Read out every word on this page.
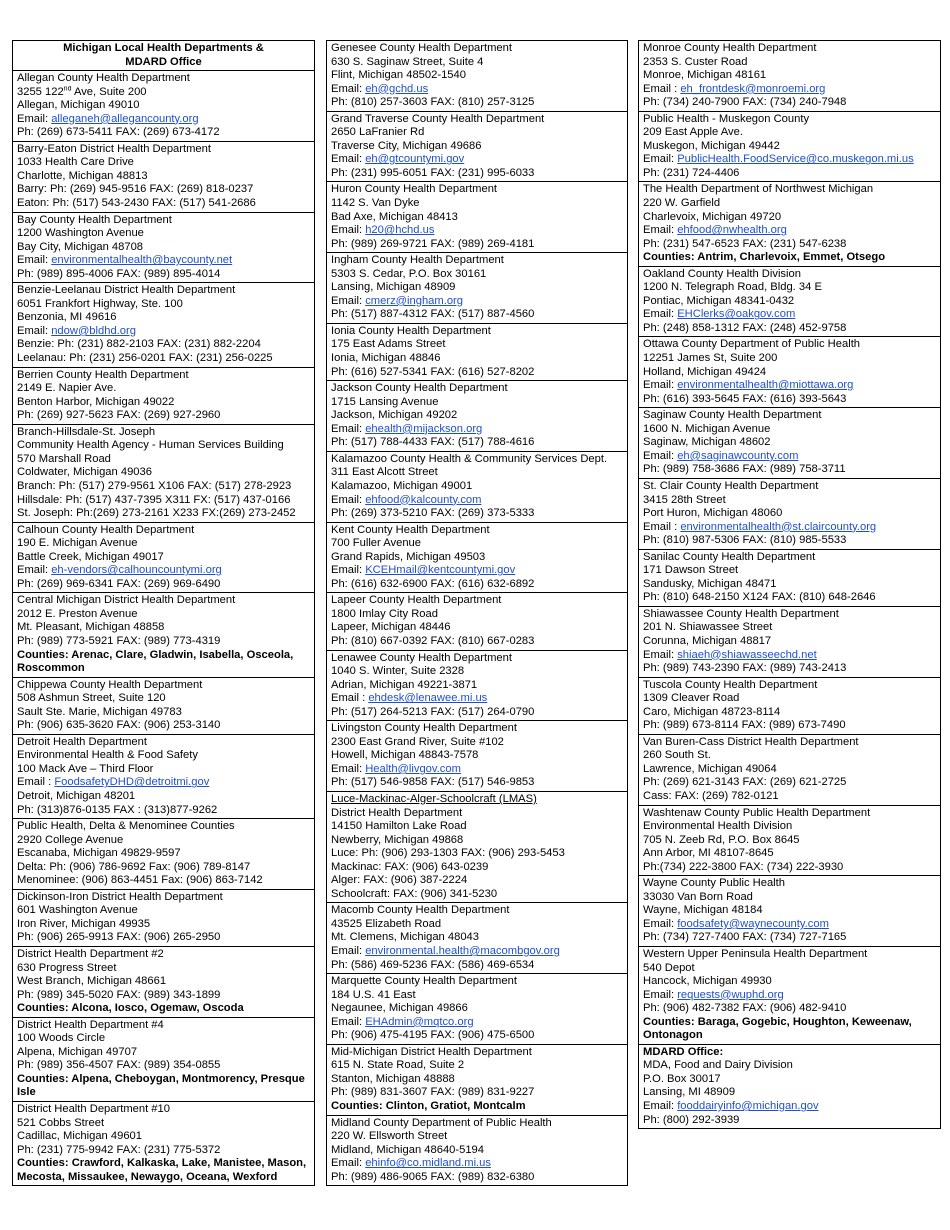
Michigan Local Health Departments &
MDARD Office
Allegan County Health Department
3255 122nd Ave, Suite 200
Allegan, Michigan 49010
Email: alleganeh@allegancounty.org
Ph: (269) 673-5411 FAX: (269) 673-4172
Barry-Eaton District Health Department
1033 Health Care Drive
Charlotte, Michigan 48813
Barry: Ph: (269) 945-9516 FAX: (269) 818-0237
Eaton: Ph: (517) 543-2430 FAX: (517) 541-2686
Bay County Health Department
1200 Washington Avenue
Bay City, Michigan 48708
Email: environmentalhealth@baycounty.net
Ph: (989) 895-4006 FAX: (989) 895-4014
Benzie-Leelanau District Health Department
6051 Frankfort Highway, Ste. 100
Benzonia, MI 49616
Email: ndow@bldhd.org
Benzie: Ph: (231) 882-2103 FAX: (231) 882-2204
Leelanau: Ph: (231) 256-0201 FAX: (231) 256-0225
Berrien County Health Department
2149 E. Napier Ave.
Benton Harbor, Michigan 49022
Ph: (269) 927-5623 FAX: (269) 927-2960
Branch-Hillsdale-St. Joseph
Community Health Agency - Human Services Building
570 Marshall Road
Coldwater, Michigan 49036
Branch: Ph: (517) 279-9561 X106 FAX: (517) 278-2923
Hillsdale: Ph: (517) 437-7395 X311 FX: (517) 437-0166
St. Joseph: Ph:(269) 273-2161 X233 FX:(269) 273-2452
Calhoun County Health Department
190 E. Michigan Avenue
Battle Creek, Michigan 49017
Email: eh-vendors@calhouncountymi.org
Ph: (269) 969-6341 FAX: (269) 969-6490
Central Michigan District Health Department
2012 E. Preston Avenue
Mt. Pleasant, Michigan 48858
Ph: (989) 773-5921 FAX: (989) 773-4319
Counties: Arenac, Clare, Gladwin, Isabella, Osceola, Roscommon
Chippewa County Health Department
508 Ashmun Street, Suite 120
Sault Ste. Marie, Michigan 49783
Ph: (906) 635-3620 FAX: (906) 253-3140
Detroit Health Department
Environmental Health & Food Safety
100 Mack Ave – Third Floor
Email : FoodsafetyDHD@detroitmi.gov
Detroit, Michigan 48201
Ph: (313)876-0135 FAX : (313)877-9262
Public Health, Delta & Menominee Counties
2920 College Avenue
Escanaba, Michigan 49829-9597
Delta: Ph: (906) 786-9692 Fax: (906) 789-8147
Menominee: (906) 863-4451 Fax: (906) 863-7142
Dickinson-Iron District Health Department
601 Washington Avenue
Iron River, Michigan 49935
Ph: (906) 265-9913 FAX: (906) 265-2950
District Health Department #2
630 Progress Street
West Branch, Michigan 48661
Ph: (989) 345-5020 FAX: (989) 343-1899
Counties: Alcona, Iosco, Ogemaw, Oscoda
District Health Department #4
100 Woods Circle
Alpena, Michigan 49707
Ph: (989) 356-4507 FAX: (989) 354-0855
Counties: Alpena, Cheboygan, Montmorency, Presque Isle
District Health Department #10
521 Cobbs Street
Cadillac, Michigan 49601
Ph: (231) 775-9942 FAX: (231) 775-5372
Counties: Crawford, Kalkaska, Lake, Manistee, Mason, Mecosta, Missaukee, Newaygo, Oceana, Wexford
Genesee County Health Department
630 S. Saginaw Street, Suite 4
Flint, Michigan 48502-1540
Email: eh@gchd.us
Ph: (810) 257-3603 FAX: (810) 257-3125
Grand Traverse County Health Department
2650 LaFranier Rd
Traverse City, Michigan 49686
Email: eh@gtcountymi.gov
Ph: (231) 995-6051 FAX: (231) 995-6033
Huron County Health Department
1142 S. Van Dyke
Bad Axe, Michigan 48413
Email: h20@hchd.us
Ph: (989) 269-9721 FAX: (989) 269-4181
Ingham County Health Department
5303 S. Cedar, P.O. Box 30161
Lansing, Michigan 48909
Email: cmerz@ingham.org
Ph: (517) 887-4312 FAX: (517) 887-4560
Ionia County Health Department
175 East Adams Street
Ionia, Michigan 48846
Ph: (616) 527-5341 FAX: (616) 527-8202
Jackson County Health Department
1715 Lansing Avenue
Jackson, Michigan 49202
Email: ehealth@mijackson.org
Ph: (517) 788-4433 FAX: (517) 788-4616
Kalamazoo County Health & Community Services Dept.
311 East Alcott Street
Kalamazoo, Michigan 49001
Email: ehfood@kalcounty.com
Ph: (269) 373-5210 FAX: (269) 373-5333
Kent County Health Department
700 Fuller Avenue
Grand Rapids, Michigan 49503
Email: KCEHmail@kentcountymi.gov
Ph: (616) 632-6900 FAX: (616) 632-6892
Lapeer County Health Department
1800 Imlay City Road
Lapeer, Michigan 48446
Ph: (810) 667-0392 FAX: (810) 667-0283
Lenawee County Health Department
1040 S. Winter, Suite 2328
Adrian, Michigan 49221-3871
Email : ehdesk@lenawee.mi.us
Ph: (517) 264-5213 FAX: (517) 264-0790
Livingston County Health Department
2300 East Grand River, Suite #102
Howell, Michigan 48843-7578
Email: Health@livgov.com
Ph: (517) 546-9858 FAX: (517) 546-9853
Luce-Mackinac-Alger-Schoolcraft (LMAS)
District Health Department
14150 Hamilton Lake Road
Newberry, Michigan 49868
Luce: Ph: (906) 293-1303 FAX: (906) 293-5453
Mackinac: FAX: (906) 643-0239
Alger: FAX: (906) 387-2224
Schoolcraft: FAX: (906) 341-5230
Macomb County Health Department
43525 Elizabeth Road
Mt. Clemens, Michigan 48043
Email: environmental.health@macombgov.org
Ph: (586) 469-5236 FAX: (586) 469-6534
Marquette County Health Department
184 U.S. 41 East
Negaunee, Michigan 49866
Email: EHAdmin@mqtco.org
Ph: (906) 475-4195 FAX: (906) 475-6500
Mid-Michigan District Health Department
615 N. State Road, Suite 2
Stanton, Michigan 48888
Ph: (989) 831-3607 FAX: (989) 831-9227
Counties: Clinton, Gratiot, Montcalm
Midland County Department of Public Health
220 W. Ellsworth Street
Midland, Michigan 48640-5194
Email: ehinfo@co.midland.mi.us
Ph: (989) 486-9065 FAX: (989) 832-6380
Monroe County Health Department
2353 S. Custer Road
Monroe, Michigan 48161
Email : eh_frontdesk@monroemi.org
Ph: (734) 240-7900 FAX: (734) 240-7948
Public Health - Muskegon County
209 East Apple Ave.
Muskegon, Michigan 49442
Email: PublicHealth.FoodService@co.muskegon.mi.us
Ph: (231) 724-4406
The Health Department of Northwest Michigan
220 W. Garfield
Charlevoix, Michigan 49720
Email: ehfood@nwhealth.org
Ph: (231) 547-6523 FAX: (231) 547-6238
Counties: Antrim, Charlevoix, Emmet, Otsego
Oakland County Health Division
1200 N. Telegraph Road, Bldg. 34 E
Pontiac, Michigan 48341-0432
Email: EHClerks@oakgov.com
Ph: (248) 858-1312 FAX: (248) 452-9758
Ottawa County Department of Public Health
12251 James St, Suite 200
Holland, Michigan 49424
Email: environmentalhealth@miottawa.org
Ph: (616) 393-5645 FAX: (616) 393-5643
Saginaw County Health Department
1600 N. Michigan Avenue
Saginaw, Michigan 48602
Email: eh@saginawcounty.com
Ph: (989) 758-3686 FAX: (989) 758-3711
St. Clair County Health Department
3415 28th Street
Port Huron, Michigan 48060
Email : environmentalhealth@st.claircounty.org
Ph: (810) 987-5306 FAX: (810) 985-5533
Sanilac County Health Department
171 Dawson Street
Sandusky, Michigan 48471
Ph: (810) 648-2150 X124 FAX: (810) 648-2646
Shiawassee County Health Department
201 N. Shiawassee Street
Corunna, Michigan 48817
Email: shiaeh@shiawasseechd.net
Ph: (989) 743-2390 FAX: (989) 743-2413
Tuscola County Health Department
1309 Cleaver Road
Caro, Michigan 48723-8114
Ph: (989) 673-8114 FAX: (989) 673-7490
Van Buren-Cass District Health Department
260 South St.
Lawrence, Michigan 49064
Ph: (269) 621-3143 FAX: (269) 621-2725
Cass: FAX: (269) 782-0121
Washtenaw County Public Health Department
Environmental Health Division
705 N. Zeeb Rd, P.O. Box 8645
Ann Arbor, MI 48107-8645
Ph:(734) 222-3800 FAX: (734) 222-3930
Wayne County Public Health
33030 Van Born Road
Wayne, Michigan 48184
Email: foodsafety@waynecounty.com
Ph: (734) 727-7400 FAX: (734) 727-7165
Western Upper Peninsula Health Department
540 Depot
Hancock, Michigan 49930
Email: requests@wuphd.org
Ph: (906) 482-7382 FAX: (906) 482-9410
Counties: Baraga, Gogebic, Houghton, Keweenaw, Ontonagon
MDARD Office:
MDA, Food and Dairy Division
P.O. Box 30017
Lansing, MI 48909
Email: fooddairyinfo@michigan.gov
Ph: (800) 292-3939
